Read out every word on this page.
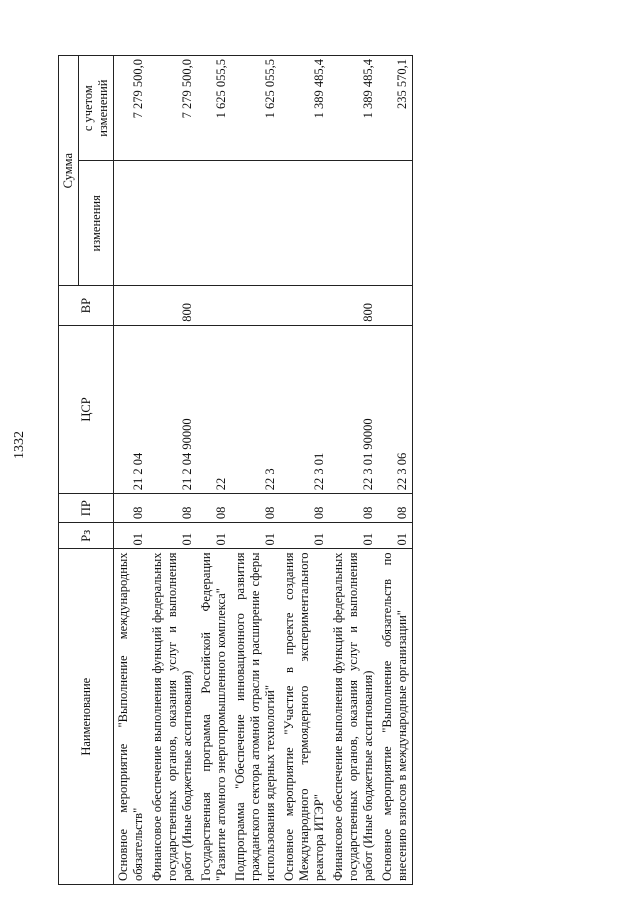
1332
Наименование	Рз	ПР	ЦСР	ВР	Сумма	
					изменения	с учетом изменений
Основное мероприятие "Выполнение международных обязательств"	01	08	21 2 04			7 279 500,0
Финансовое обеспечение выполнения функций федеральных государственных органов, оказания услуг и выполнения работ (Иные бюджетные ассигнования)	01	08	21 2 04 90000	800		7 279 500,0
Государственная программа Российской Федерации "Развитие атомного энергопромышленного комплекса"	01	08	22			1 625 055,5
Подпрограмма "Обеспечение инновационного развития гражданского сектора атомной отрасли и расширение сферы использования ядерных технологий"	01	08	22 3			1 625 055,5
Основное мероприятие "Участие в проекте создания Международного термоядерного экспериментального реактора ИТЭР"	01	08	22 3 01			1 389 485,4
Финансовое обеспечение выполнения функций федеральных государственных органов, оказания услуг и выполнения работ (Иные бюджетные ассигнования)	01	08	22 3 01 90000	800		1 389 485,4
Основное мероприятие "Выполнение обязательств по внесению взносов в международные организации"	01	08	22 3 06			235 570,1
